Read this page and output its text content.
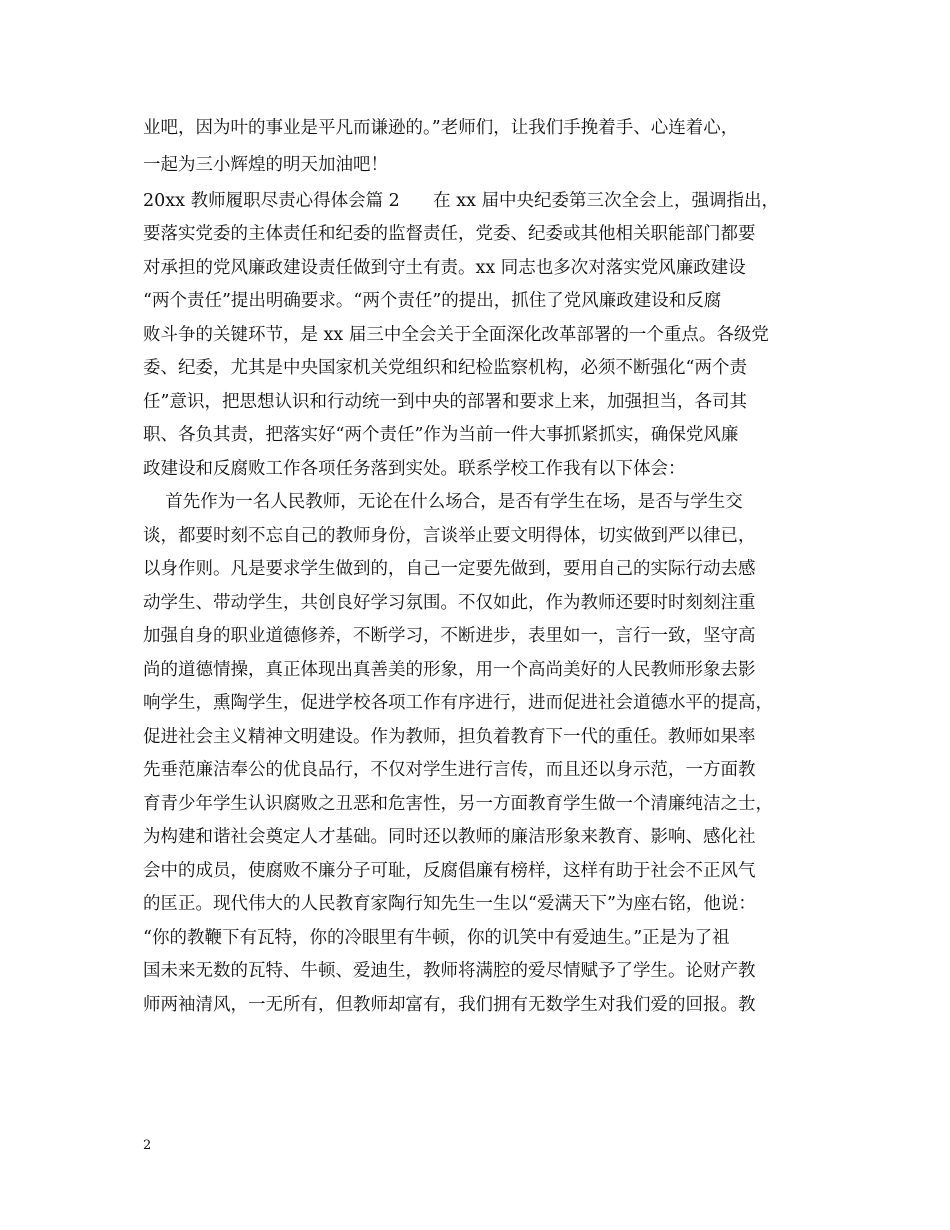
业吧，因为叶的事业是平凡而谦逊的。”老师们，让我们手挽着手、心连着心，
一起为三小辉煌的明天加油吧！
20xx 教师履职尽责心得体会篇 2      在 xx 届中央纪委第三次全会上，强调指出，
要落实党委的主体责任和纪委的监督责任，党委、纪委或其他相关职能部门都要
对承担的党风廉政建设责任做到守土有责。xx 同志也多次对落实党风廉政建设
“两个责任”提出明确要求。“两个责任”的提出，抓住了党风廉政建设和反腐
败斗争的关键环节，是 xx 届三中全会关于全面深化改革部署的一个重点。各级党
委、纪委，尤其是中央国家机关党组织和纪检监察机构，必须不断强化“两个责
任”意识，把思想认识和行动统一到中央的部署和要求上来，加强担当，各司其
职、各负其责，把落实好“两个责任”作为当前一件大事抓紧抓实，确保党风廉
政建设和反腐败工作各项任务落到实处。联系学校工作我有以下体会：
首先作为一名人民教师，无论在什么场合，是否有学生在场，是否与学生交
谈，都要时刻不忘自己的教师身份，言谈举止要文明得体，切实做到严以律已，
以身作则。凡是要求学生做到的，自己一定要先做到，要用自己的实际行动去感
动学生、带动学生，共创良好学习氛围。不仅如此，作为教师还要时时刻刻注重
加强自身的职业道德修养，不断学习，不断进步，表里如一，言行一致，坚守高
尚的道德情操，真正体现出真善美的形象，用一个高尚美好的人民教师形象去影
响学生，熏陶学生，促进学校各项工作有序进行，进而促进社会道德水平的提高，
促进社会主义精神文明建设。作为教师，担负着教育下一代的重任。教师如果率
先垂范廉洁奉公的优良品行，不仅对学生进行言传，而且还以身示范，一方面教
育青少年学生认识腐败之丑恶和危害性，另一方面教育学生做一个清廉纯洁之士，
为构建和谐社会奠定人才基础。同时还以教师的廉洁形象来教育、影响、感化社
会中的成员，使腐败不廉分子可耻，反腐倡廉有榜样，这样有助于社会不正风气
的匡正。现代伟大的人民教育家陶行知先生一生以“爱满天下”为座右铭，他说：
“你的教鞭下有瓦特，你的冷眼里有牛顿，你的讥笑中有爱迪生。”正是为了祖
国未来无数的瓦特、牛顿、爱迪生，教师将满腔的爱尽情赋予了学生。论财产教
师两袖清风，一无所有，但教师却富有，我们拥有无数学生对我们爱的回报。教
2
